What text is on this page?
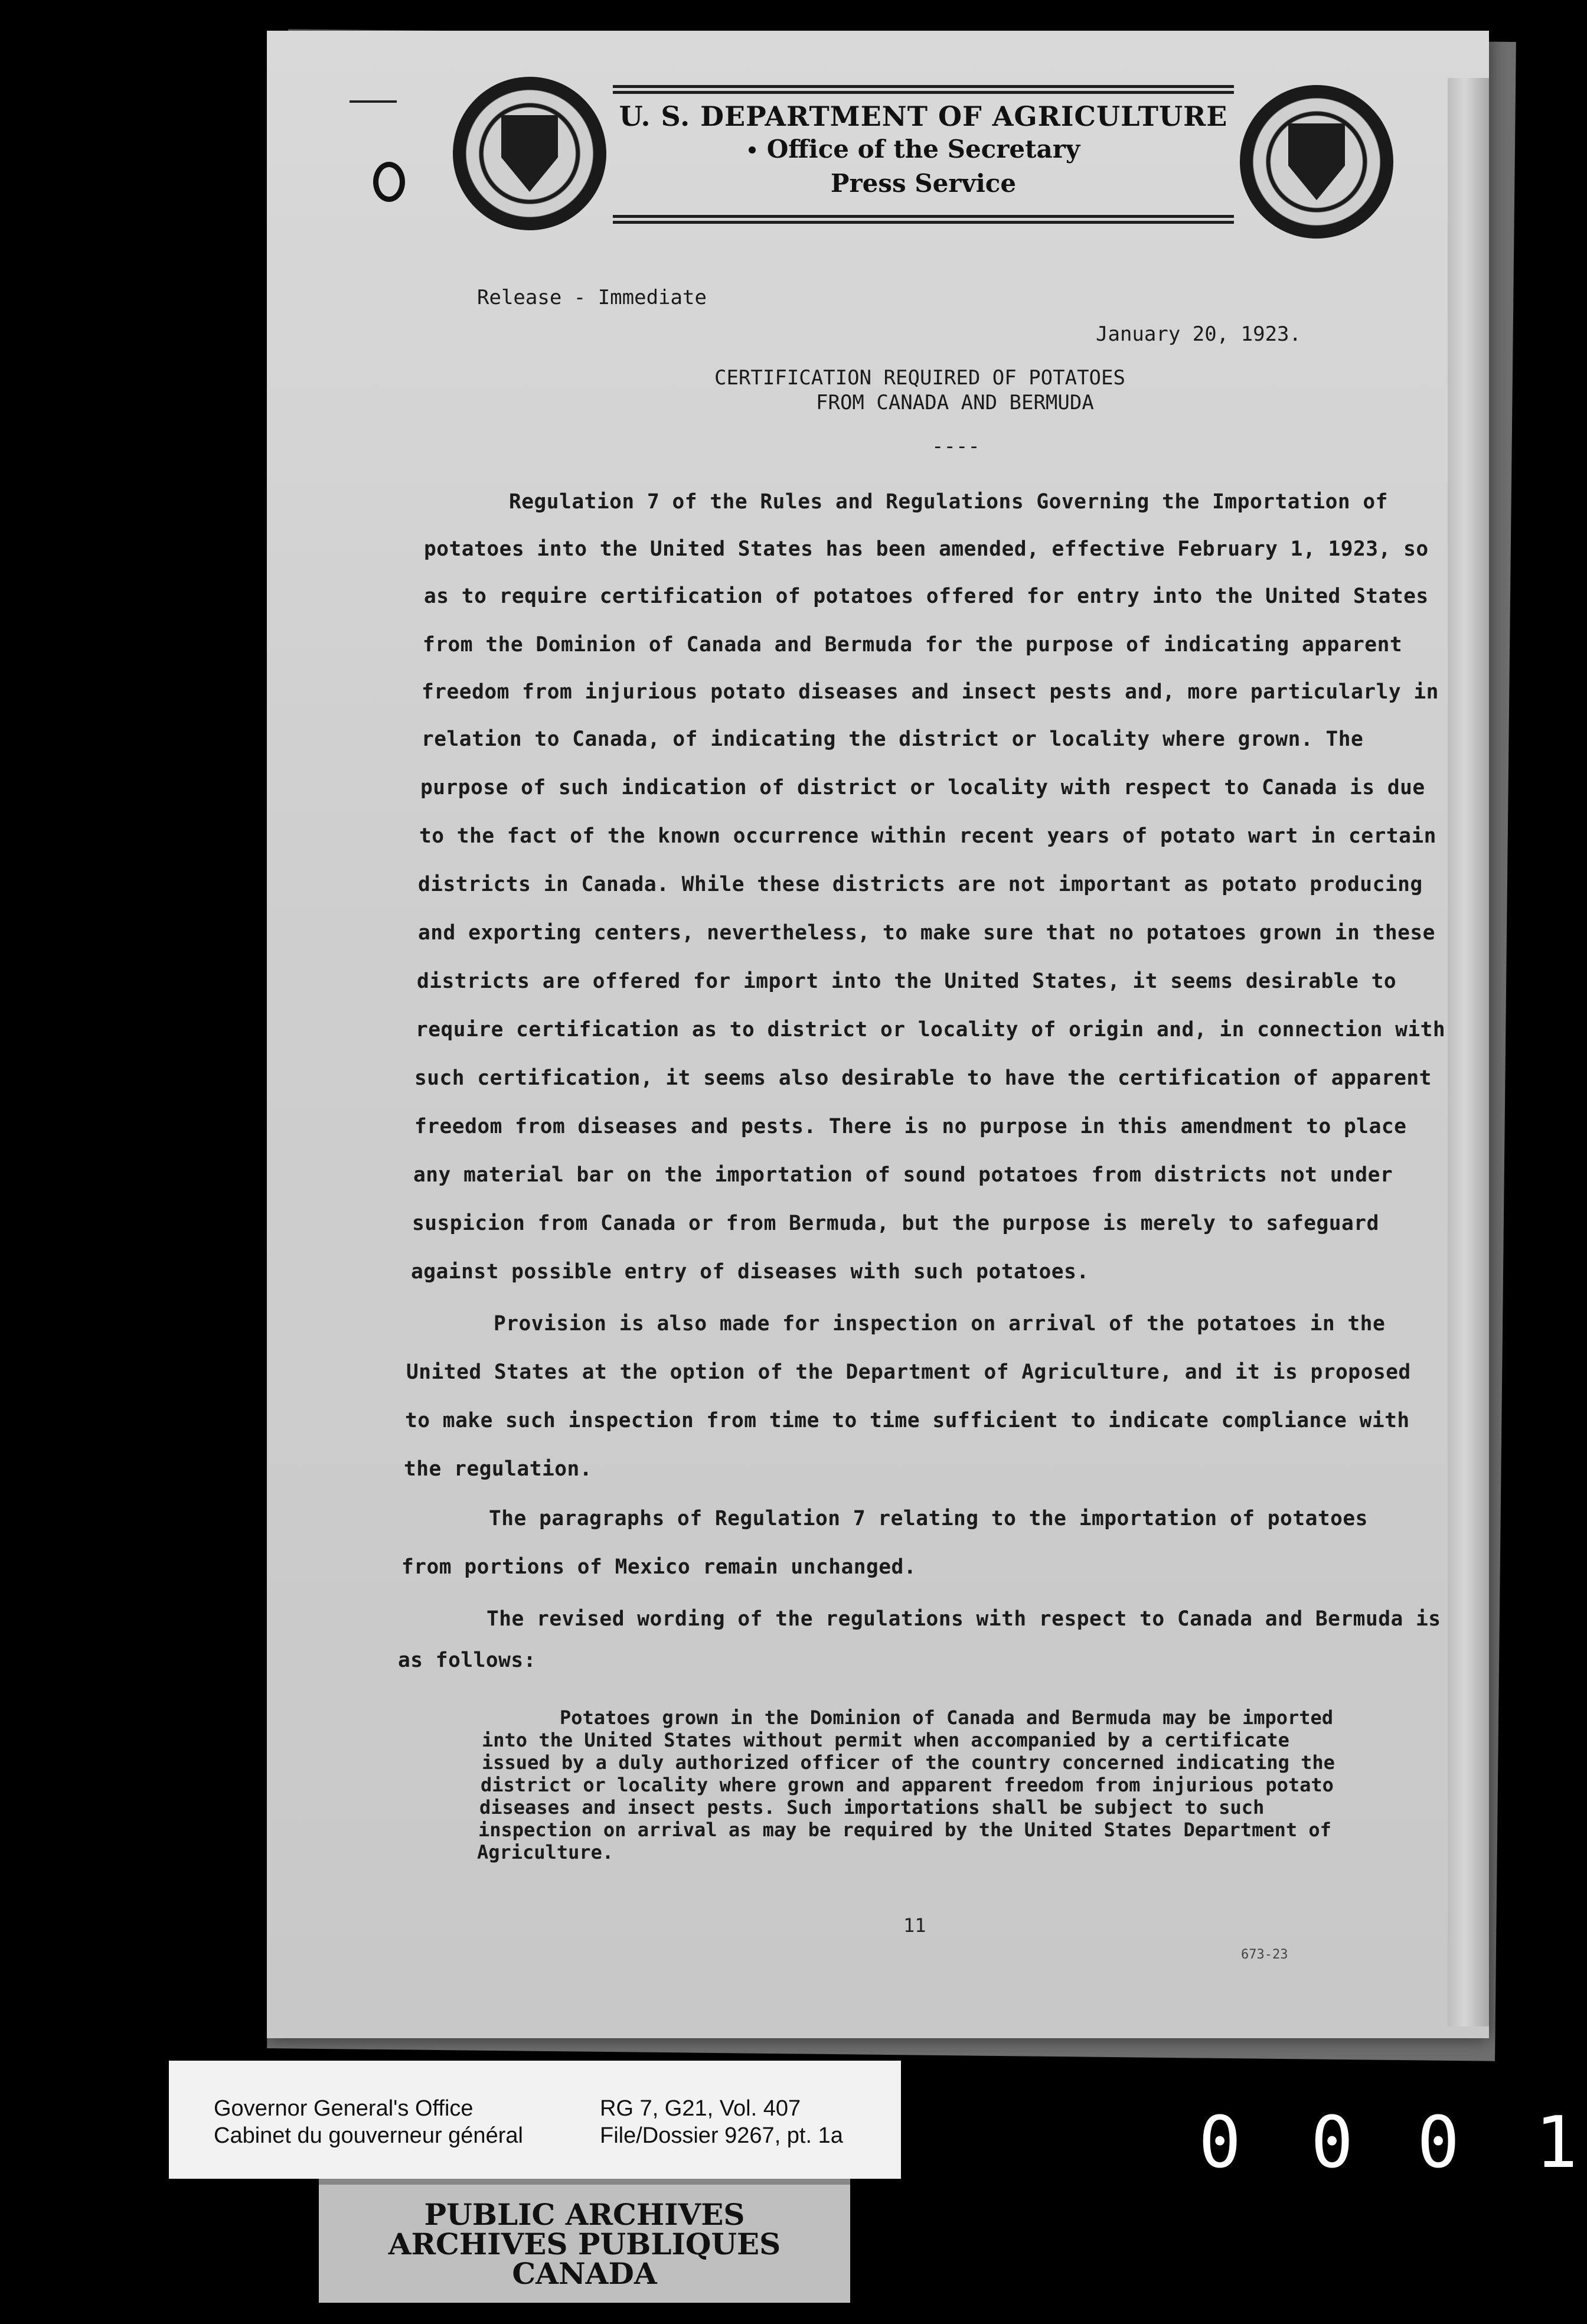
U. S. DEPARTMENT OF AGRICULTURE
Office of the Secretary
Press Service
Release - Immediate
January 20, 1923.
CERTIFICATION REQUIRED OF POTATOES
FROM CANADA AND BERMUDA
----
Regulation 7 of the Rules and Regulations Governing the Importation of
potatoes into the United States has been amended, effective February 1, 1923, so
as to require certification of potatoes offered for entry into the United States
from the Dominion of Canada and Bermuda for the purpose of indicating apparent
freedom from injurious potato diseases and insect pests and, more particularly in
relation to Canada, of indicating the district or locality where grown. The
purpose of such indication of district or locality with respect to Canada is due
to the fact of the known occurrence within recent years of potato wart in certain
districts in Canada. While these districts are not important as potato producing
and exporting centers, nevertheless, to make sure that no potatoes grown in these
districts are offered for import into the United States, it seems desirable to
require certification as to district or locality of origin and, in connection with
such certification, it seems also desirable to have the certification of apparent
freedom from diseases and pests. There is no purpose in this amendment to place
any material bar on the importation of sound potatoes from districts not under
suspicion from Canada or from Bermuda, but the purpose is merely to safeguard
against possible entry of diseases with such potatoes.
Provision is also made for inspection on arrival of the potatoes in the
United States at the option of the Department of Agriculture, and it is proposed
to make such inspection from time to time sufficient to indicate compliance with
the regulation.
The paragraphs of Regulation 7 relating to the importation of potatoes
from portions of Mexico remain unchanged.
The revised wording of the regulations with respect to Canada and Bermuda is
as follows:
Potatoes grown in the Dominion of Canada and Bermuda may be imported
into the United States without permit when accompanied by a certificate
issued by a duly authorized officer of the country concerned indicating the
district or locality where grown and apparent freedom from injurious potato
diseases and insect pests. Such importations shall be subject to such
inspection on arrival as may be required by the United States Department of
Agriculture.
11
673-23
Governor General's Office
Cabinet du gouverneur général
RG 7, G21, Vol. 407
File/Dossier 9267, pt. 1a
PUBLIC ARCHIVES
ARCHIVES PUBLIQUES
CANADA
0 0 0 1
